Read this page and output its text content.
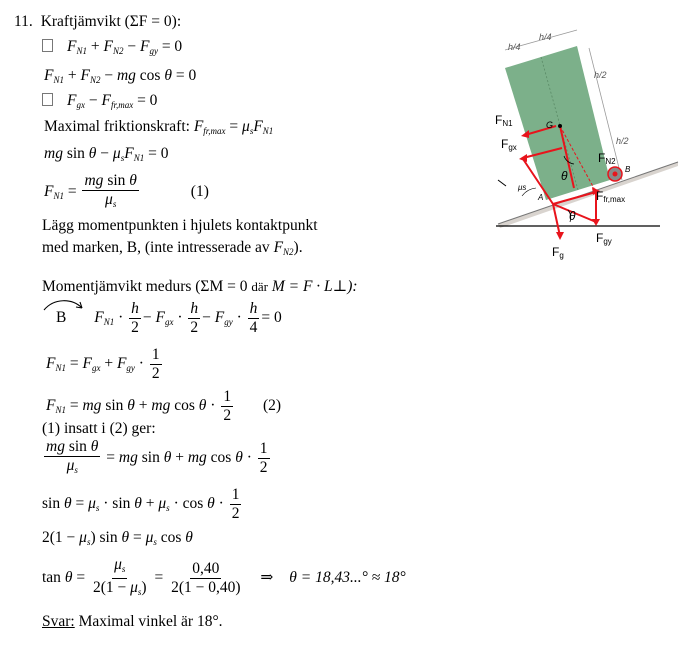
11. Kraftjämvikt (ΣF = 0):
$F_{N1} + F_{N2} - F_{gy} = 0$
$F_{N1} + F_{N2}$ − mg cos θ = 0
$F_{gx} - F_{fr,max} = 0$
Maximal friktionskraft: $F_{fr,max} = \mu_sF_{N1}$
mg $\sin \theta - \mu_sF_{N1} = 0$
$F_{N1} = \frac{\text{mg sin θ}}{\mu_s}$	(1)
Lägg momentpunkten i hjulets kontaktpunkt
med marken, B, (inte intresserade av $F_{N2}$).
Momentjämvikt medurs (ΣM = 0 där M = F · L⊥):
B $F_{N1} \cdot \frac{h}{2} - F_{gx} \cdot \frac{h}{2} - F_{gy} \cdot \frac{h}{4} = 0$
$F_{N1} = F_{gx} + F_{gy} \cdot \frac{1}{2}$
$F_{N1}$ = mg sin θ + mg $\cos \theta \cdot \frac{1}{2} (2)$
(1) insatt i (2) ger:
$\frac{\text{mg sin θ}}{\mu_s}$ = mg sin θ + mg $\cos \theta \cdot \frac{1}{2}$
$\sin \theta = \mu_s \cdot \sin \theta + \mu_s \cdot \cos \theta \cdot \frac{1}{2}$
$2(1 - \mu_s)$ $\sin \theta = \mu_s$ cos θ
$\tan \theta = \frac{\mu_s}{2(1 - \mu_s)} = \frac{0,40}{2(1 - 0,40)}$ ⇒ θ = 18,43...° ≈ 18°
Svar: Maximal vinkel är 18°.
h/4
h/4
h/2
h/2
FN1
Fgx
G
θ
FN2
B
μs
A	Ffr,max
θ
Fgy
Fg
